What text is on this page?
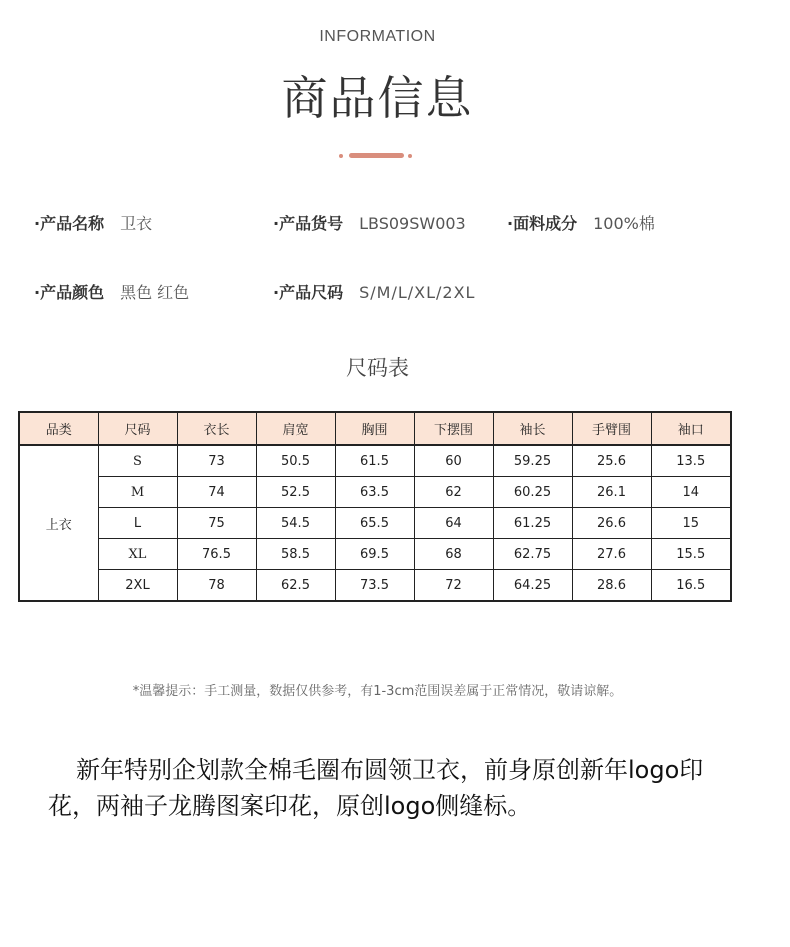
INFORMATION
商品信息
·产品名称 卫衣	·产品货号 LBS09SW003	·面料成分 100%棉
·产品颜色 黑色 红色	·产品尺码 S/M/L/XL/2XL
尺码表
品类	尺码	衣长	肩宽	胸围	下摆围	袖长	手臂围	袖口
上衣	S	73	50.5	61.5	60	59.25	25.6	13.5
	M	74	52.5	63.5	62	60.25	26.1	14
	L	75	54.5	65.5	64	61.25	26.6	15
	XL	76.5	58.5	69.5	68	62.75	27.6	15.5
	2XL	78	62.5	73.5	72	64.25	28.6	16.5
*温馨提示：手工测量，数据仅供参考，有1-3cm范围误差属于正常情况，敬请谅解。
新年特别企划款全棉毛圈布圆领卫衣，前身原创新年logo印花，两袖子龙腾图案印花，原创logo侧缝标。
